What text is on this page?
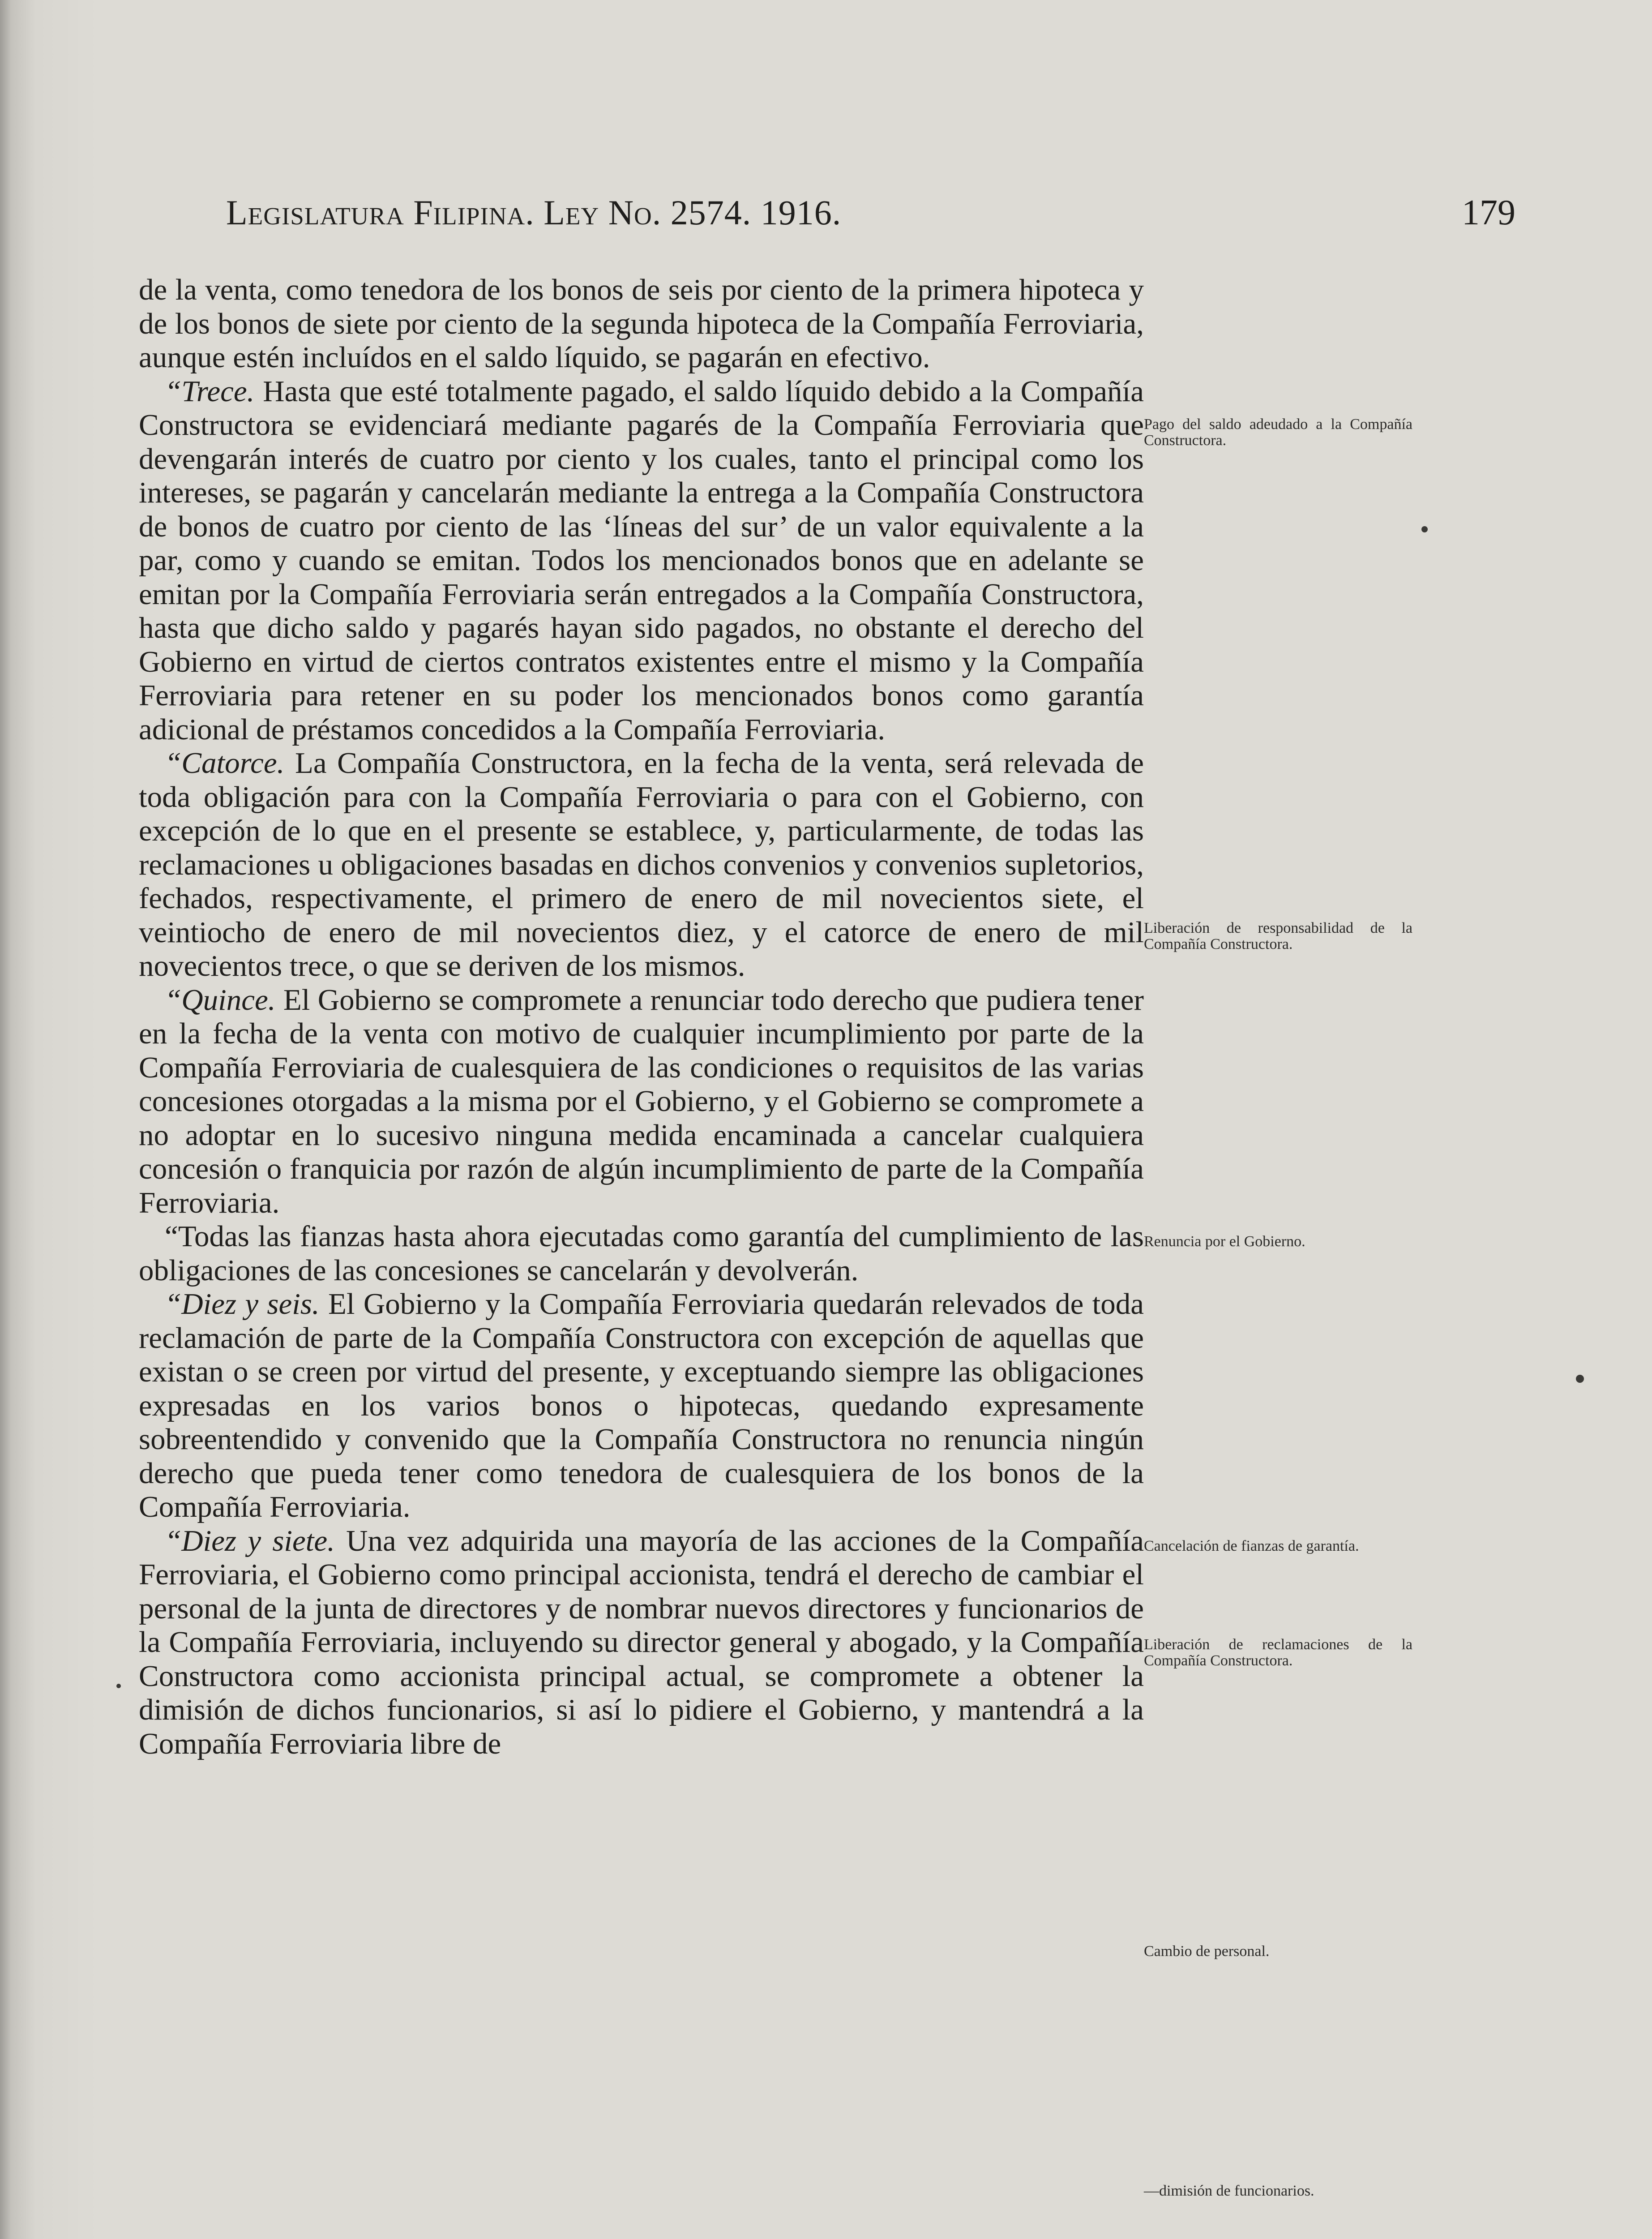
Legislatura Filipina. Ley No. 2574. 1916.	179

de la venta, como tenedora de los bonos de seis por ciento de la primera hipoteca y de los bonos de siete por ciento de la segunda hipoteca de la Compañía Ferroviaria, aunque estén incluídos en el saldo líquido, se pagarán en efectivo.

“Trece. Hasta que esté totalmente pagado, el saldo líquido debido a la Compañía Constructora se evidenciará mediante pagarés de la Compañía Ferroviaria que devengarán interés de cuatro por ciento y los cuales, tanto el principal como los intereses, se pagarán y cancelarán mediante la entrega a la Compañía Constructora de bonos de cuatro por ciento de las ‘líneas del sur’ de un valor equivalente a la par, como y cuando se emitan. Todos los mencionados bonos que en adelante se emitan por la Compañía Ferroviaria serán entregados a la Compañía Constructora, hasta que dicho saldo y pagarés hayan sido pagados, no obstante el derecho del Gobierno en virtud de ciertos contratos existentes entre el mismo y la Compañía Ferroviaria para retener en su poder los mencionados bonos como garantía adicional de préstamos concedidos a la Compañía Ferroviaria.

“Catorce. La Compañía Constructora, en la fecha de la venta, será relevada de toda obligación para con la Compañía Ferroviaria o para con el Gobierno, con excepción de lo que en el presente se establece, y, particularmente, de todas las reclamaciones u obligaciones basadas en dichos convenios y convenios supletorios, fechados, respectivamente, el primero de enero de mil novecientos siete, el veintiocho de enero de mil novecientos diez, y el catorce de enero de mil novecientos trece, o que se deriven de los mismos.

“Quince. El Gobierno se compromete a renunciar todo derecho que pudiera tener en la fecha de la venta con motivo de cualquier incumplimiento por parte de la Compañía Ferroviaria de cualesquiera de las condiciones o requisitos de las varias concesiones otorgadas a la misma por el Gobierno, y el Gobierno se compromete a no adoptar en lo sucesivo ninguna medida encaminada a cancelar cualquiera concesión o franquicia por razón de algún incumplimiento de parte de la Compañía Ferroviaria.

“Todas las fianzas hasta ahora ejecutadas como garantía del cumplimiento de las obligaciones de las concesiones se cancelarán y devolverán.

“Diez y seis. El Gobierno y la Compañía Ferroviaria quedarán relevados de toda reclamación de parte de la Compañía Constructora con excepción de aquellas que existan o se creen por virtud del presente, y exceptuando siempre las obligaciones expresadas en los varios bonos o hipotecas, quedando expresamente sobreentendido y convenido que la Compañía Constructora no renuncia ningún derecho que pueda tener como tenedora de cualesquiera de los bonos de la Compañía Ferroviaria.

“Diez y siete. Una vez adquirida una mayoría de las acciones de la Compañía Ferroviaria, el Gobierno como principal accionista, tendrá el derecho de cambiar el personal de la junta de directores y de nombrar nuevos directores y funcionarios de la Compañía Ferroviaria, incluyendo su director general y abogado, y la Compañía Constructora como accionista principal actual, se compromete a obtener la dimisión de dichos funcionarios, si así lo pidiere el Gobierno, y mantendrá a la Compañía Ferroviaria libre de

Pago del saldo adeudado a la Compañía Constructora.
Liberación de responsabilidad de la Compañía Constructora.
Renuncia por el Gobierno.
Cancelación de fianzas de garantía.
Liberación de reclamaciones de la Compañía Constructora.
Cambio de personal.
—dimisión de funcionarios.
